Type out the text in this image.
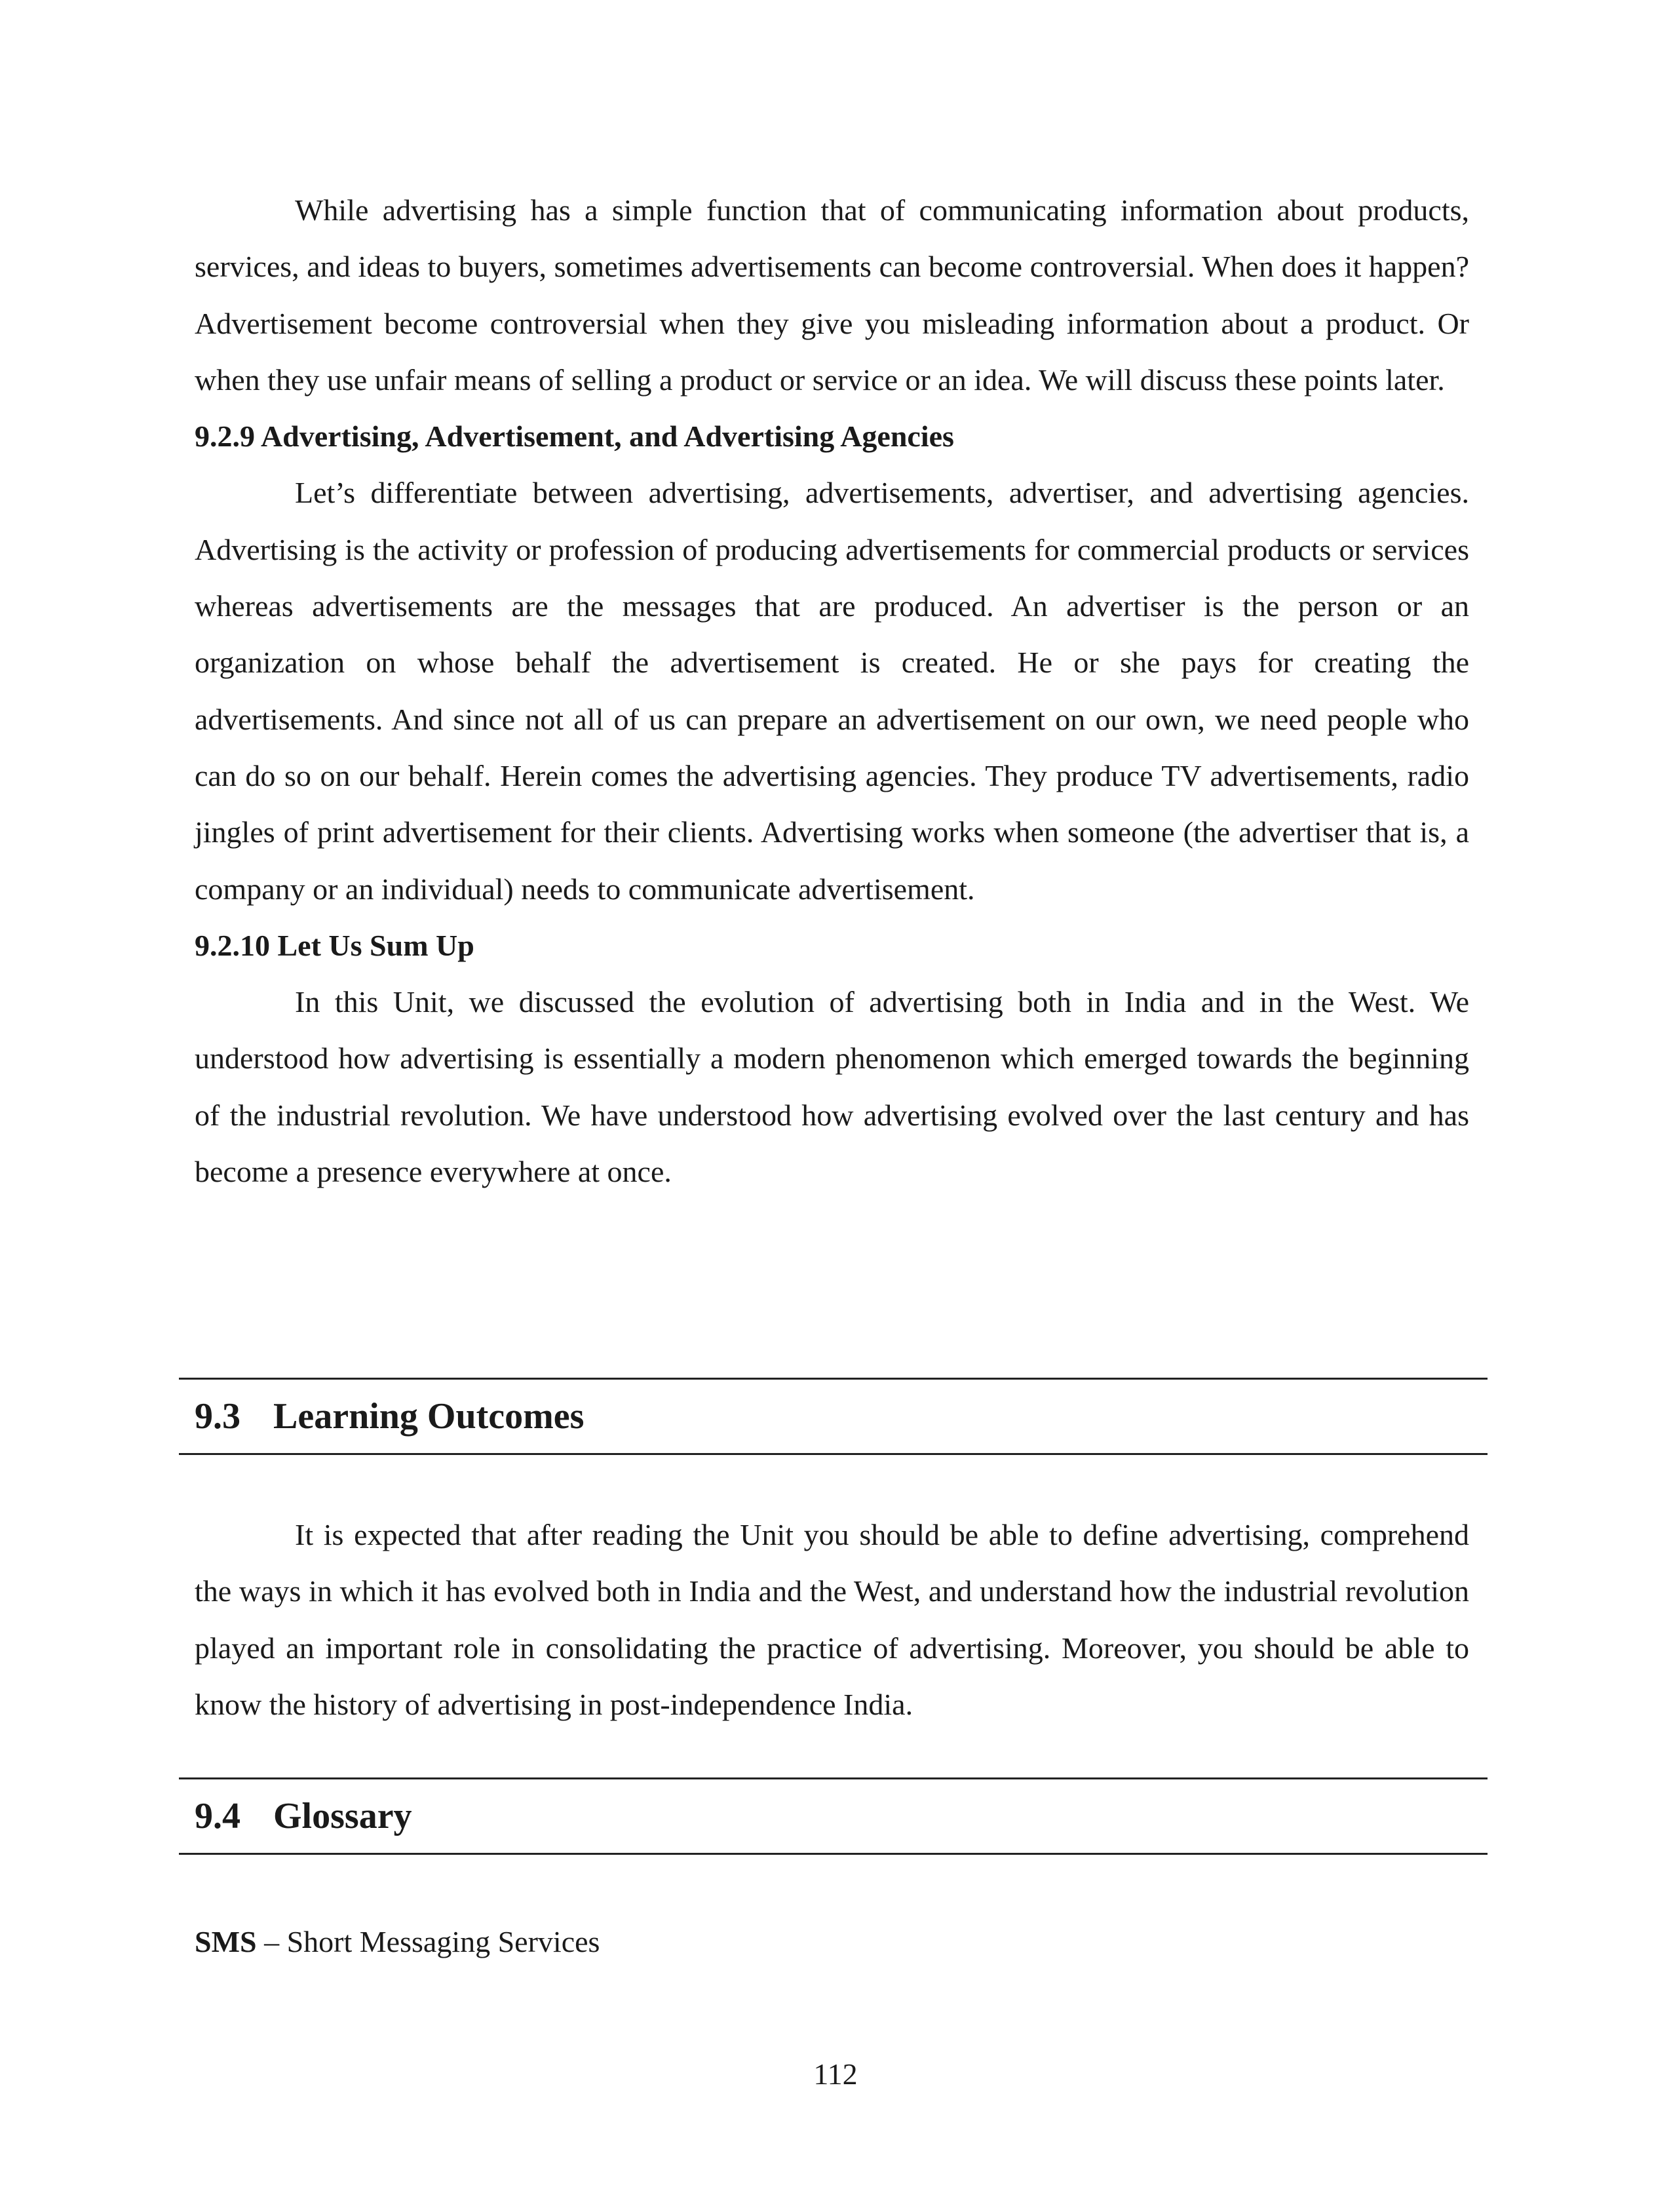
While advertising has a simple function that of communicating information about products, services, and ideas to buyers, sometimes advertisements can become controversial. When does it happen? Advertisement become controversial when they give you misleading information about a product. Or when they use unfair means of selling a product or service or an idea. We will discuss these points later.

9.2.9 Advertising, Advertisement, and Advertising Agencies

Let’s differentiate between advertising, advertisements, advertiser, and advertising agencies. Advertising is the activity or profession of producing advertisements for commercial products or services whereas advertisements are the messages that are produced. An advertiser is the person or an organization on whose behalf the advertisement is created. He or she pays for creating the advertisements. And since not all of us can prepare an advertisement on our own, we need people who can do so on our behalf. Herein comes the advertising agencies. They produce TV advertisements, radio jingles of print advertisement for their clients. Advertising works when someone (the advertiser that is, a company or an individual) needs to communicate advertisement.

9.2.10 Let Us Sum Up

In this Unit, we discussed the evolution of advertising both in India and in the West. We understood how advertising is essentially a modern phenomenon which emerged towards the beginning of the industrial revolution. We have understood how advertising evolved over the last century and has become a presence everywhere at once.

9.3 Learning Outcomes

It is expected that after reading the Unit you should be able to define advertising, comprehend the ways in which it has evolved both in India and the West, and understand how the industrial revolution played an important role in consolidating the practice of advertising. Moreover, you should be able to know the history of advertising in post-independence India.

9.4 Glossary
SMS – Short Messaging Services
112
